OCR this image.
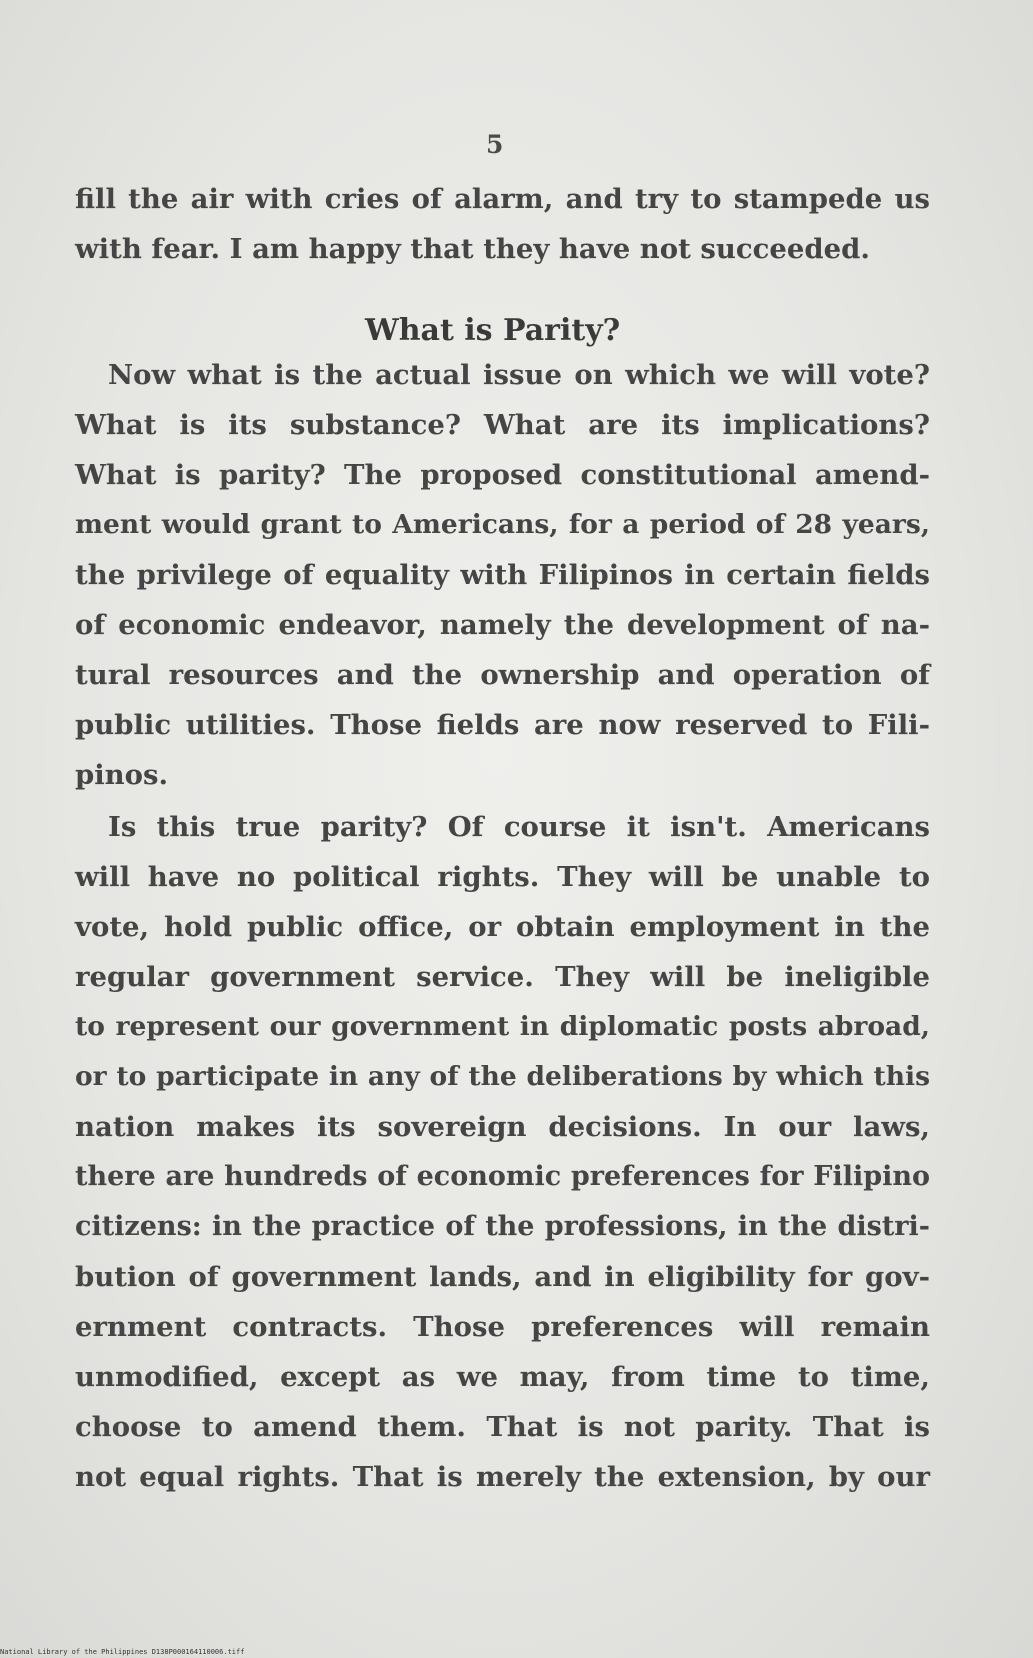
5
fill the air with cries of alarm, and try to stampede us
with fear. I am happy that they have not succeeded.
What is Parity?
Now what is the actual issue on which we will vote?
What is its substance? What are its implications?
What is parity? The proposed constitutional amend-
ment would grant to Americans, for a period of 28 years,
the privilege of equality with Filipinos in certain fields
of economic endeavor, namely the development of na-
tural resources and the ownership and operation of
public utilities. Those fields are now reserved to Fili-
pinos.
Is this true parity? Of course it isn't. Americans
will have no political rights. They will be unable to
vote, hold public office, or obtain employment in the
regular government service. They will be ineligible
to represent our government in diplomatic posts abroad,
or to participate in any of the deliberations by which this
nation makes its sovereign decisions. In our laws,
there are hundreds of economic preferences for Filipino
citizens: in the practice of the professions, in the distri-
bution of government lands, and in eligibility for gov-
ernment contracts. Those preferences will remain
unmodified, except as we may, from time to time,
choose to amend them. That is not parity. That is
not equal rights. That is merely the extension, by our
National Library of the Philippines D138P000164110006.tiff
